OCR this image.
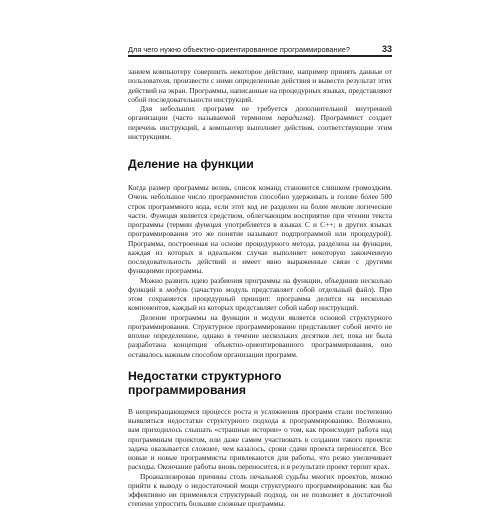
Для чего нужно объектно-ориентированное программирование?	33

занием компьютеру совершить некоторое действие, например принять данные от пользователя, произвести с ними определенные действия и вывести результат этих действий на экран. Программы, написанные на процедурных языках, представляют собой последовательности инструкций.

Для небольших программ не требуется дополнительной внутренней организации (часто называемой термином парадигма). Программист создает перечень инструкций, а компьютер выполняет действия, соответствующие этим инструкциям.

Деление на функции

Когда размер программы велик, список команд становится слишком громоздким. Очень небольшое число программистов способно удерживать в голове более 500 строк программного кода, если этот код не разделен на более мелкие логические части. Функция является средством, облегчающим восприятие при чтении текста программы (термин функция употребляется в языках С и С++; в других языках программирования это же понятие называют подпрограммой или процедурой). Программа, построенная на основе процедурного метода, разделена на функции, каждая из которых в идеальном случае выполняет некоторую законченную последовательность действий и имеет явно выраженные связи с другими функциями программы.

Можно развить идею разбиения программы на функции, объединив несколько функций в модуль (зачастую модуль представляет собой отдельный файл). При этом сохраняется процедурный принцип: программа делится на несколько компонентов, каждый из которых представляет собой набор инструкций.

Деление программы на функции и модули является основой структурного программирования. Структурное программирование представляет собой нечто не вполне определенное, однако в течение нескольких десятков лет, пока не была разработана концепция объектно-ориентированного программирования, оно оставалось важным способом организации программ.

Недостатки структурного программирования

В непрекращающемся процессе роста и усложнения программ стали постепенно выявляться недостатки структурного подхода к программированию. Возможно, вам приходилось слышать «страшные истории» о том, как происходит работа над программным проектом, или даже самим участвовать в создании такого проекта: задача оказывается сложнее, чем казалось, сроки сдачи проекта переносятся. Все новые и новые программисты привлекаются для работы, что резко увеличивает расходы. Окончание работы вновь переносится, и в результате проект терпит крах.

Проанализировав причины столь печальной судьбы многих проектов, можно прийти к выводу о недостаточной мощи структурного программирования: как бы эффективно ни применялся структурный подход, он не позволяет в достаточной степени упростить большие сложные программы.
